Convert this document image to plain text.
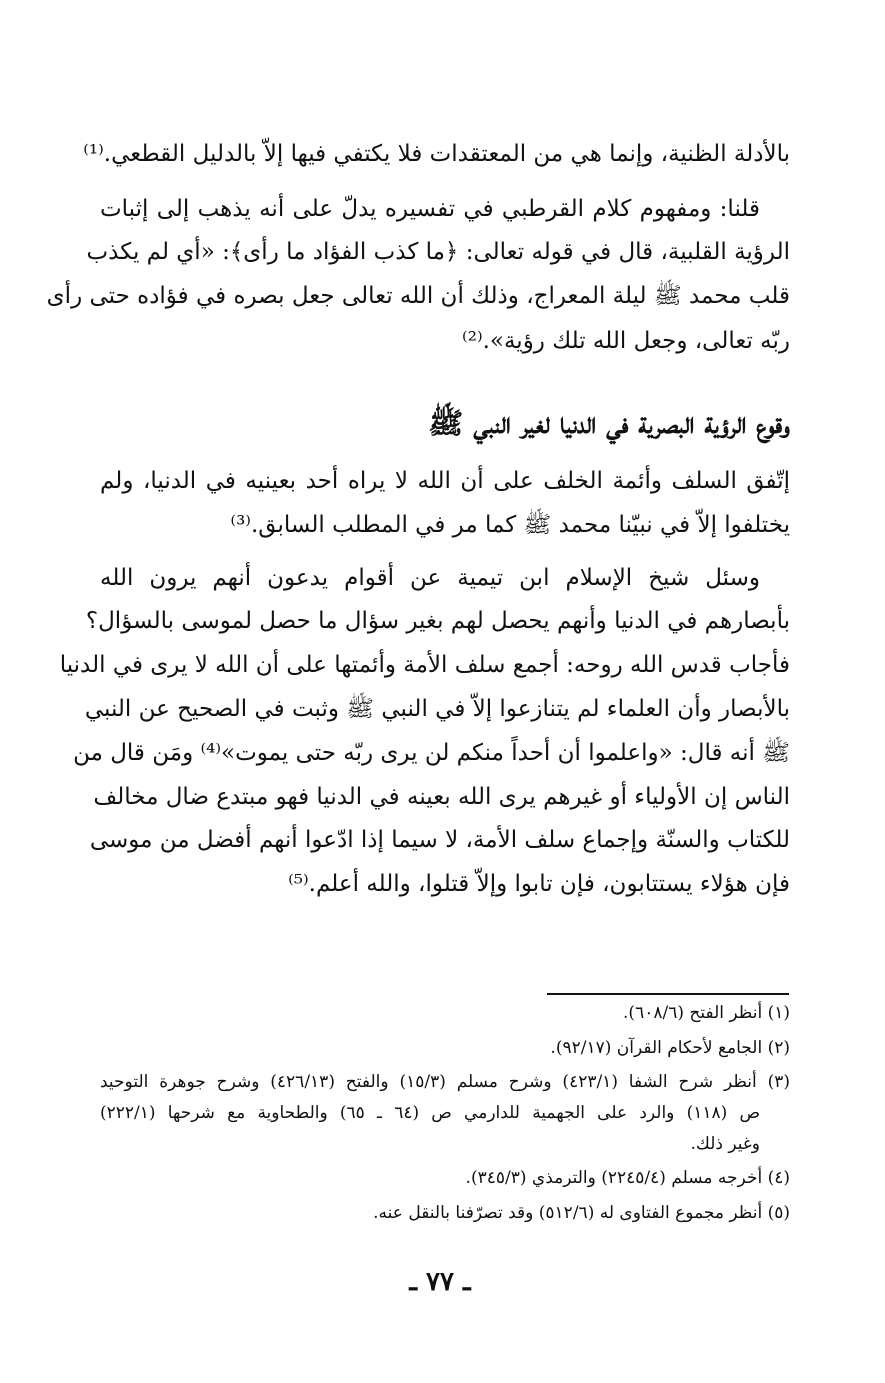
بالأدلة الظنية، وإنما هي من المعتقدات فلا يكتفي فيها إلاّ بالدليل القطعي.⁽¹⁾
قلنا: ومفهوم كلام القرطبي في تفسيره يدلّ على أنه يذهب إلى إثبات
الرؤية القلبية، قال في قوله تعالى: ﴿ما كذب الفؤاد ما رأى﴾: «أي لم يكذب
قلب محمد ﷺ ليلة المعراج، وذلك أن الله تعالى جعل بصره في فؤاده حتى رأى
ربّه تعالى، وجعل الله تلك رؤية».⁽²⁾
وقوع الرؤية البصرية في الدنيا لغير النبي ﷺ
إتّفق السلف وأئمة الخلف على أن الله لا يراه أحد بعينيه في الدنيا، ولم
يختلفوا إلاّ في نبيّنا محمد ﷺ كما مر في المطلب السابق.⁽³⁾
وسئل شيخ الإسلام ابن تيمية عن أقوام يدعون أنهم يرون الله
بأبصارهم في الدنيا وأنهم يحصل لهم بغير سؤال ما حصل لموسى بالسؤال؟
فأجاب قدس الله روحه: أجمع سلف الأمة وأئمتها على أن الله لا يرى في الدنيا
بالأبصار وأن العلماء لم يتنازعوا إلاّ في النبي ﷺ وثبت في الصحيح عن النبي
ﷺ أنه قال: «واعلموا أن أحداً منكم لن يرى ربّه حتى يموت»⁽⁴⁾ ومَن قال من
الناس إن الأولياء أو غيرهم يرى الله بعينه في الدنيا فهو مبتدع ضال مخالف
للكتاب والسنّة وإجماع سلف الأمة، لا سيما إذا ادّعوا أنهم أفضل من موسى
فإن هؤلاء يستتابون، فإن تابوا وإلاّ قتلوا، والله أعلم.⁽⁵⁾
(١) أنظر الفتح (٦٠٨/٦).
(٢) الجامع لأحكام القرآن (٩٢/١٧).
(٣) أنظر شرح الشفا (٤٢٣/١) وشرح مسلم (١٥/٣) والفتح (٤٢٦/١٣) وشرح جوهرة التوحيد
ص (١١٨) والرد على الجهمية للدارمي ص (٦٤ ـ ٦٥) والطحاوية مع شرحها (٢٢٢/١)
وغير ذلك.
(٤) أخرجه مسلم (٢٢٤٥/٤) والترمذي (٣٤٥/٣).
(٥) أنظر مجموع الفتاوى له (٥١٢/٦) وقد تصرّفنا بالنقل عنه.
ـ ٧٧ ـ
